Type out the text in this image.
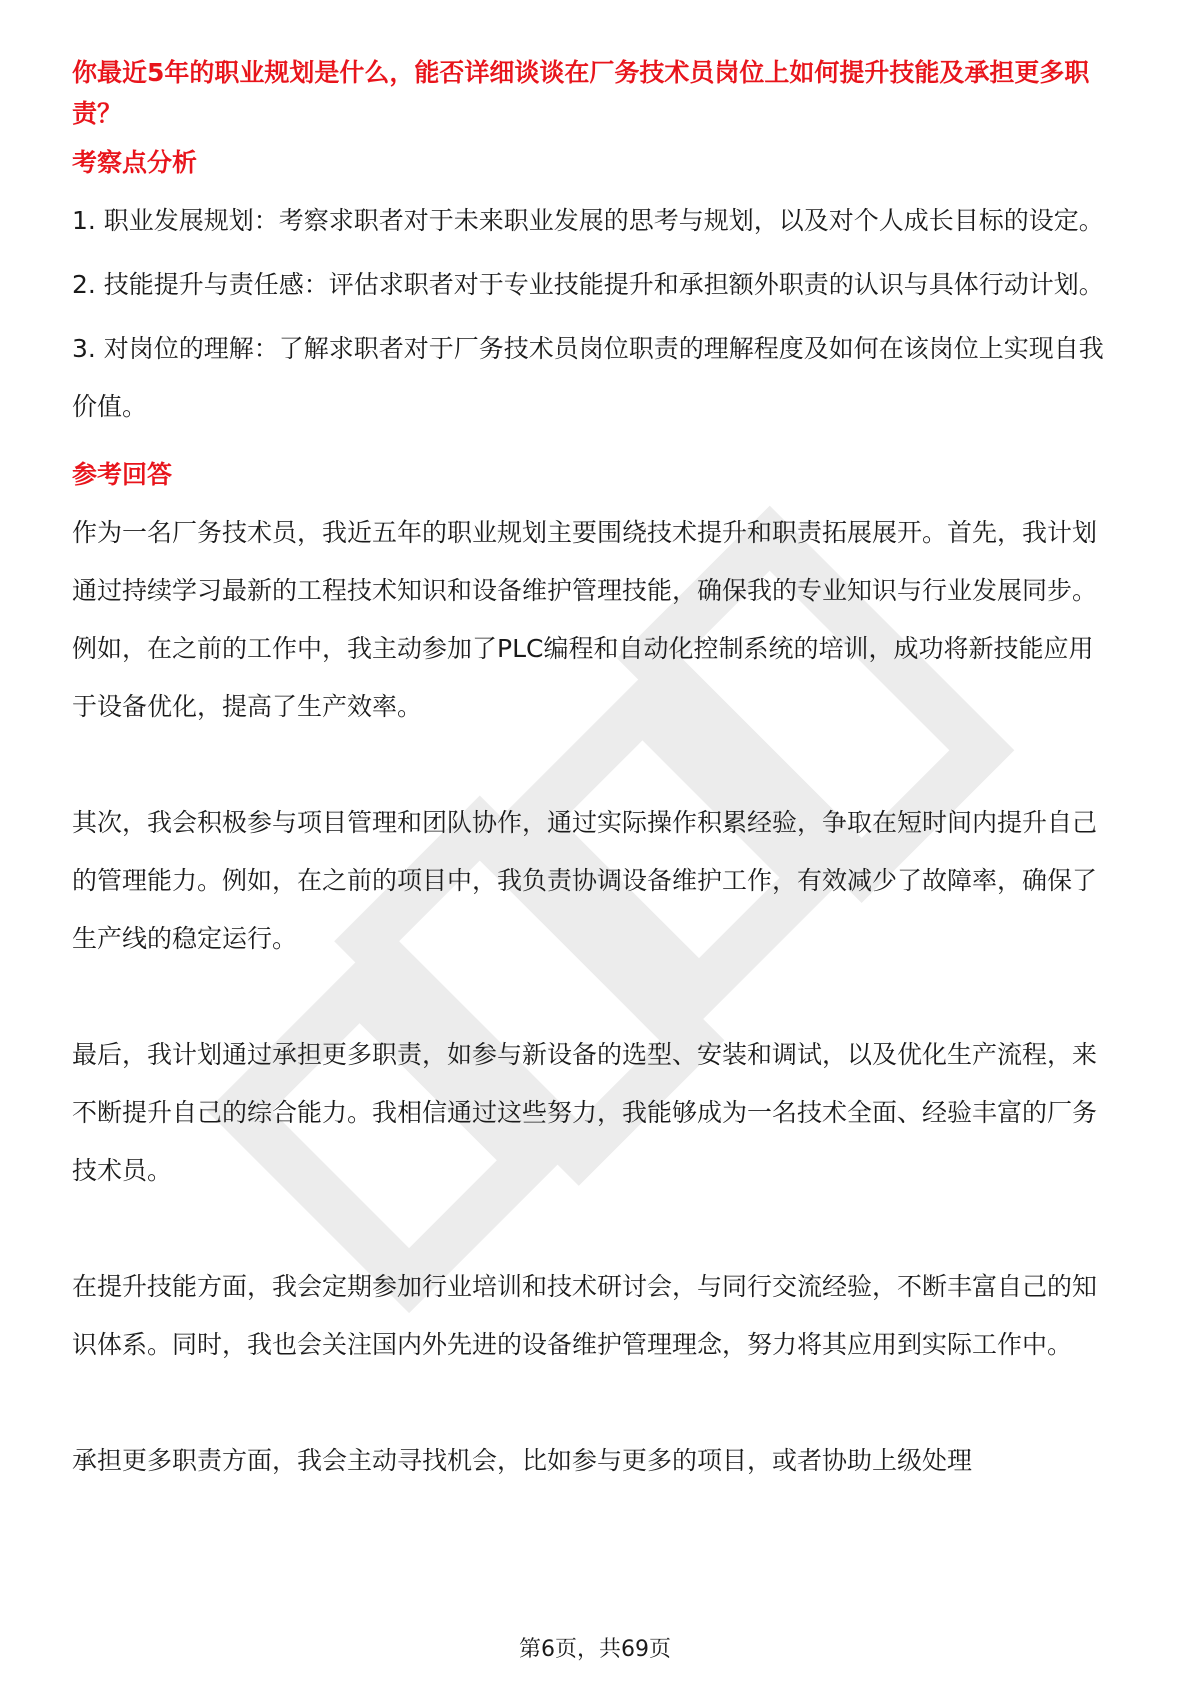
你最近5年的职业规划是什么，能否详细谈谈在厂务技术员岗位上如何提升技能及承担更多职责？
考察点分析
1. 职业发展规划：考察求职者对于未来职业发展的思考与规划，以及对个人成长目标的设定。
2. 技能提升与责任感：评估求职者对于专业技能提升和承担额外职责的认识与具体行动计划。
3. 对岗位的理解：了解求职者对于厂务技术员岗位职责的理解程度及如何在该岗位上实现自我价值。
参考回答
作为一名厂务技术员，我近五年的职业规划主要围绕技术提升和职责拓展展开。首先，我计划通过持续学习最新的工程技术知识和设备维护管理技能，确保我的专业知识与行业发展同步。例如，在之前的工作中，我主动参加了PLC编程和自动化控制系统的培训，成功将新技能应用于设备优化，提高了生产效率。
其次，我会积极参与项目管理和团队协作，通过实际操作积累经验，争取在短时间内提升自己的管理能力。例如，在之前的项目中，我负责协调设备维护工作，有效减少了故障率，确保了生产线的稳定运行。
最后，我计划通过承担更多职责，如参与新设备的选型、安装和调试，以及优化生产流程，来不断提升自己的综合能力。我相信通过这些努力，我能够成为一名技术全面、经验丰富的厂务技术员。
在提升技能方面，我会定期参加行业培训和技术研讨会，与同行交流经验，不断丰富自己的知识体系。同时，我也会关注国内外先进的设备维护管理理念，努力将其应用到实际工作中。
承担更多职责方面，我会主动寻找机会，比如参与更多的项目，或者协助上级处理
第6页，共69页
